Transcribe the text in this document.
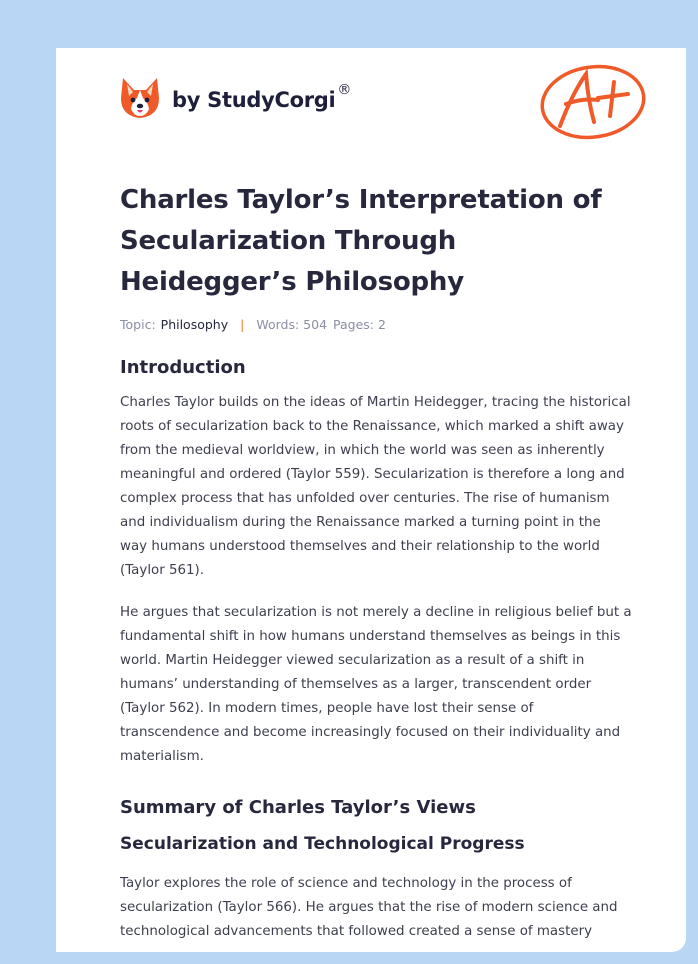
by StudyCorgi ®
A+
Charles Taylor’s Interpretation of Secularization Through Heidegger’s Philosophy
Topic: Philosophy | Words: 504 Pages: 2
Introduction

Charles Taylor builds on the ideas of Martin Heidegger, tracing the historical roots of secularization back to the Renaissance, which marked a shift away from the medieval worldview, in which the world was seen as inherently meaningful and ordered (Taylor 559). Secularization is therefore a long and complex process that has unfolded over centuries. The rise of humanism and individualism during the Renaissance marked a turning point in the way humans understood themselves and their relationship to the world (Taylor 561).

He argues that secularization is not merely a decline in religious belief but a fundamental shift in how humans understand themselves as beings in this world. Martin Heidegger viewed secularization as a result of a shift in humans’ understanding of themselves as a larger, transcendent order (Taylor 562). In modern times, people have lost their sense of transcendence and become increasingly focused on their individuality and materialism.

Summary of Charles Taylor’s Views
Secularization and Technological Progress

Taylor explores the role of science and technology in the process of secularization (Taylor 566). He argues that the rise of modern science and technological advancements that followed created a sense of mastery
